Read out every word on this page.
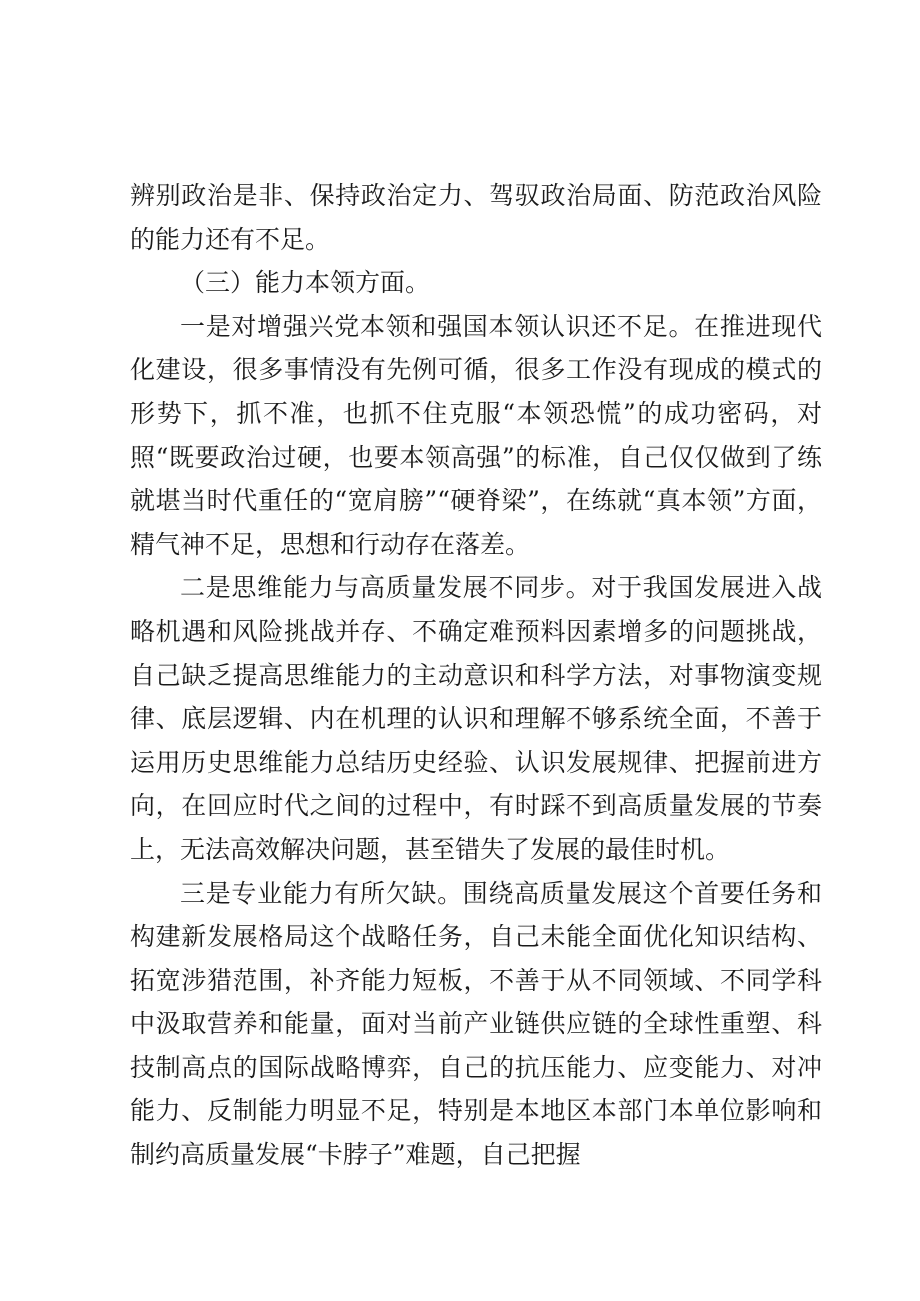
辨别政治是非、保持政治定力、驾驭政治局面、防范政治风险的能力还有不足。

（三）能力本领方面。

一是对增强兴党本领和强国本领认识还不足。在推进现代化建设，很多事情没有先例可循，很多工作没有现成的模式的形势下，抓不准，也抓不住克服“本领恐慌”的成功密码，对照“既要政治过硬，也要本领高强”的标准，自己仅仅做到了练就堪当时代重任的“宽肩膀”“硬脊梁”，在练就“真本领”方面，精气神不足，思想和行动存在落差。

二是思维能力与高质量发展不同步。对于我国发展进入战略机遇和风险挑战并存、不确定难预料因素增多的问题挑战，自己缺乏提高思维能力的主动意识和科学方法，对事物演变规律、底层逻辑、内在机理的认识和理解不够系统全面，不善于运用历史思维能力总结历史经验、认识发展规律、把握前进方向，在回应时代之间的过程中，有时踩不到高质量发展的节奏上，无法高效解决问题，甚至错失了发展的最佳时机。

三是专业能力有所欠缺。围绕高质量发展这个首要任务和构建新发展格局这个战略任务，自己未能全面优化知识结构、拓宽涉猎范围，补齐能力短板，不善于从不同领域、不同学科中汲取营养和能量，面对当前产业链供应链的全球性重塑、科技制高点的国际战略博弈，自己的抗压能力、应变能力、对冲能力、反制能力明显不足，特别是本地区本部门本单位影响和制约高质量发展“卡脖子”难题，自己把握
